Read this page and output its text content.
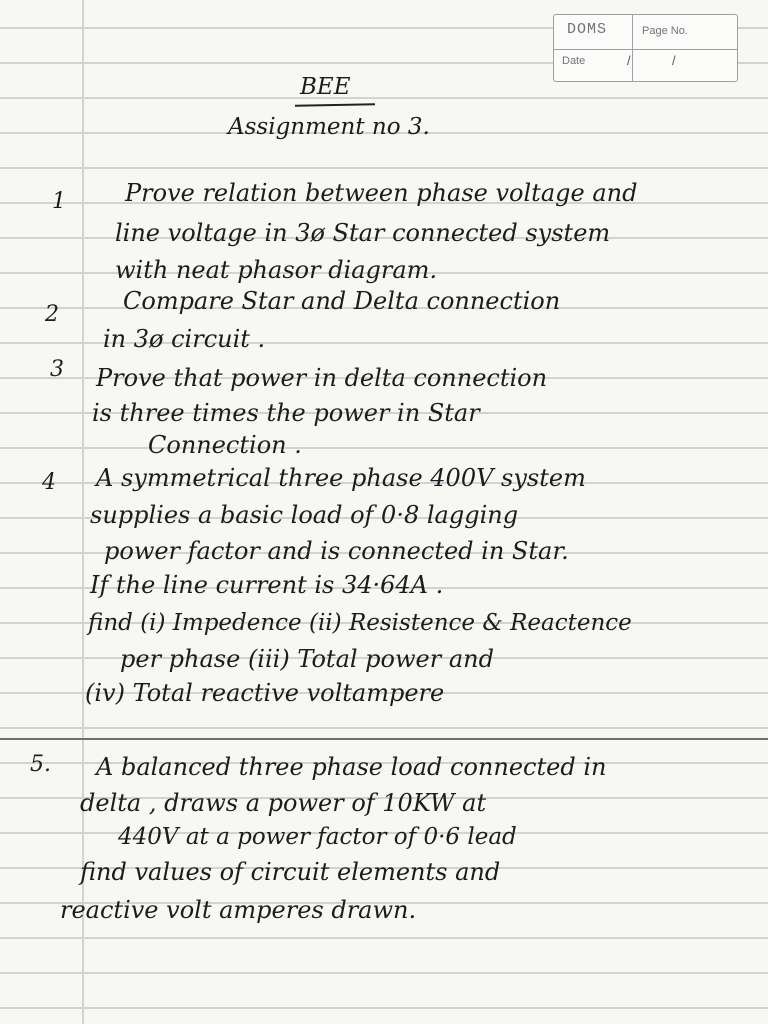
DOMS	Page No.
Date	/	/
BEE
Assignment no 3.
1 Prove relation between phase voltage and
line voltage in 3ø Star connected system
with neat phasor diagram.
2	Compare Star and Delta connection
in 3ø circuit .
3 Prove that power in delta connection
is three times the power in Star
Connection .
4 A symmetrical three phase 400V system
supplies a basic load of 0·8 lagging
power factor and is connected in Star.
If the line current is 34·64A .
find (i) Impedence (ii) Resistence & Reactence
per phase (iii) Total power and
(iv) Total reactive voltampere
5. A balanced three phase load connected in
delta , draws a power of 10KW at
440V at a power factor of 0·6 lead
find values of circuit elements and
reactive volt amperes drawn.
